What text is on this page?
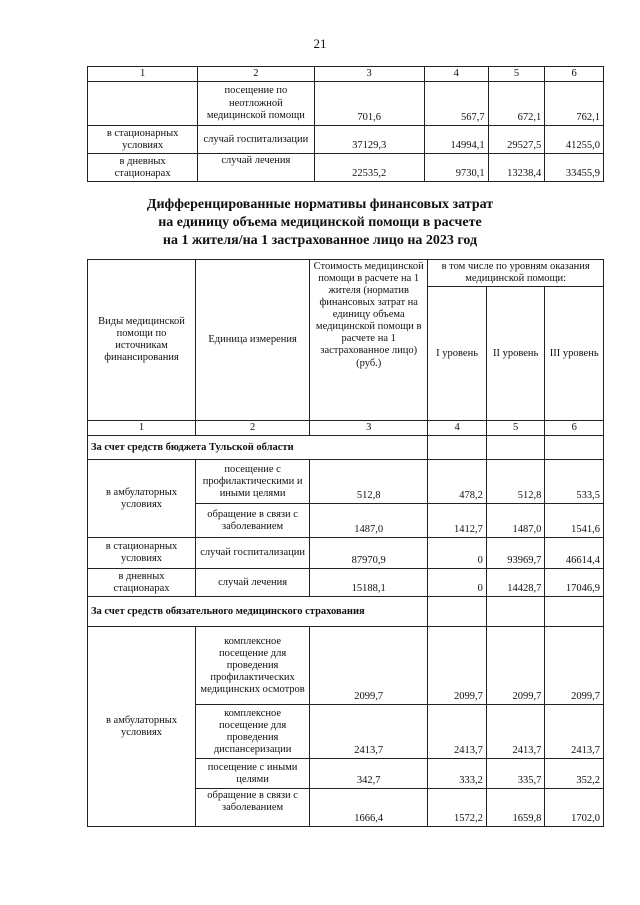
21
1	2	3	4	5	6
	посещение по неотложной медицинской помощи	701,6	567,7	672,1	762,1
в стационарных условиях	случай госпитализации	37129,3	14994,1	29527,5	41255,0
в дневных стационарах	случай лечения	22535,2	9730,1	13238,4	33455,9
Дифференцированные нормативы финансовых затрат
на единицу объема медицинской помощи в расчете
на 1 жителя/на 1 застрахованное лицо на 2023 год
Виды медицинской помощи по источникам финансирования	Единица измерения	Стоимость медицинской помощи в расчете на 1 жителя (норматив финансовых затрат на единицу объема медицинской помощи в расчете на 1 застрахованное лицо) (руб.)	в том числе по уровням оказания медицинской помощи:		
			I уровень	II уровень	III уровень
1	2	3	4	5	6
За счет средств бюджета Тульской области					
в амбулаторных условиях	посещение с профилактическими и иными целями	512,8	478,2	512,8	533,5
	обращение в связи с заболеванием	1487,0	1412,7	1487,0	1541,6
в стационарных условиях	случай госпитализации	87970,9	0	93969,7	46614,4
в дневных стационарах	случай лечения	15188,1	0	14428,7	17046,9
За счет средств обязательного медицинского страхования					
в амбулаторных условиях	комплексное посещение для проведения профилактических медицинских осмотров	2099,7	2099,7	2099,7	2099,7
	комплексное посещение для проведения диспансеризации	2413,7	2413,7	2413,7	2413,7
	посещение с иными целями	342,7	333,2	335,7	352,2
	обращение в связи с заболеванием	1666,4	1572,2	1659,8	1702,0
